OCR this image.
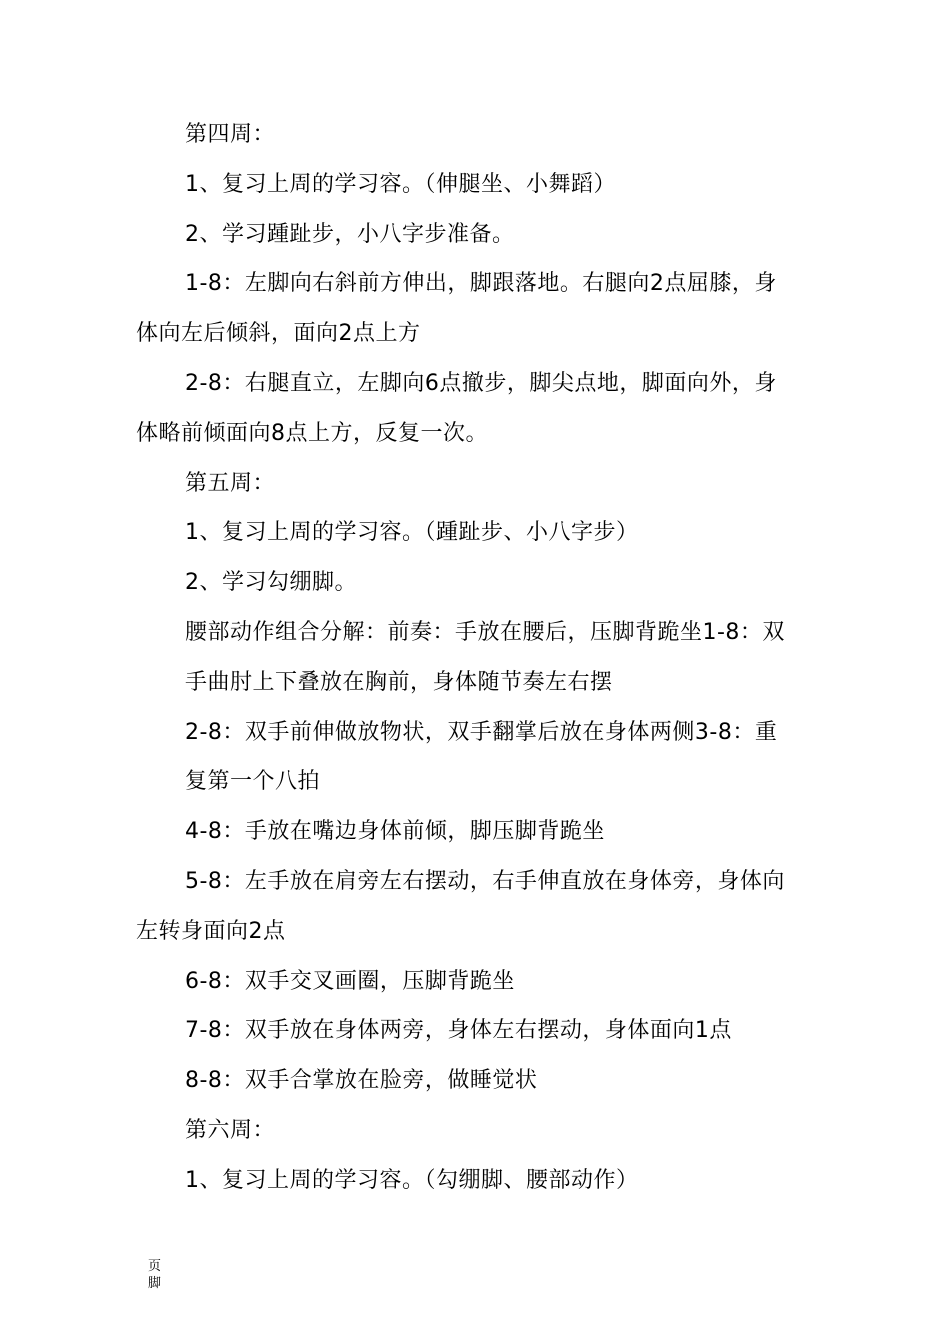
第四周：
1、复习上周的学习容。（伸腿坐、小舞蹈）
2、学习踵趾步，小八字步准备。
1-8：左脚向右斜前方伸出，脚跟落地。右腿向2点屈膝，身
体向左后倾斜，面向2点上方
2-8：右腿直立，左脚向6点撤步，脚尖点地，脚面向外，身
体略前倾面向8点上方，反复一次。
第五周：
1、复习上周的学习容。（踵趾步、小八字步）
2、学习勾绷脚。
腰部动作组合分解：前奏：手放在腰后，压脚背跪坐1-8：双
手曲肘上下叠放在胸前，身体随节奏左右摆
2-8：双手前伸做放物状，双手翻掌后放在身体两侧3-8：重
复第一个八拍
4-8：手放在嘴边身体前倾，脚压脚背跪坐
5-8：左手放在肩旁左右摆动，右手伸直放在身体旁，身体向
左转身面向2点
6-8：双手交叉画圈，压脚背跪坐
7-8：双手放在身体两旁，身体左右摆动，身体面向1点
8-8：双手合掌放在脸旁，做睡觉状
第六周：
1、复习上周的学习容。（勾绷脚、腰部动作）
页
脚
